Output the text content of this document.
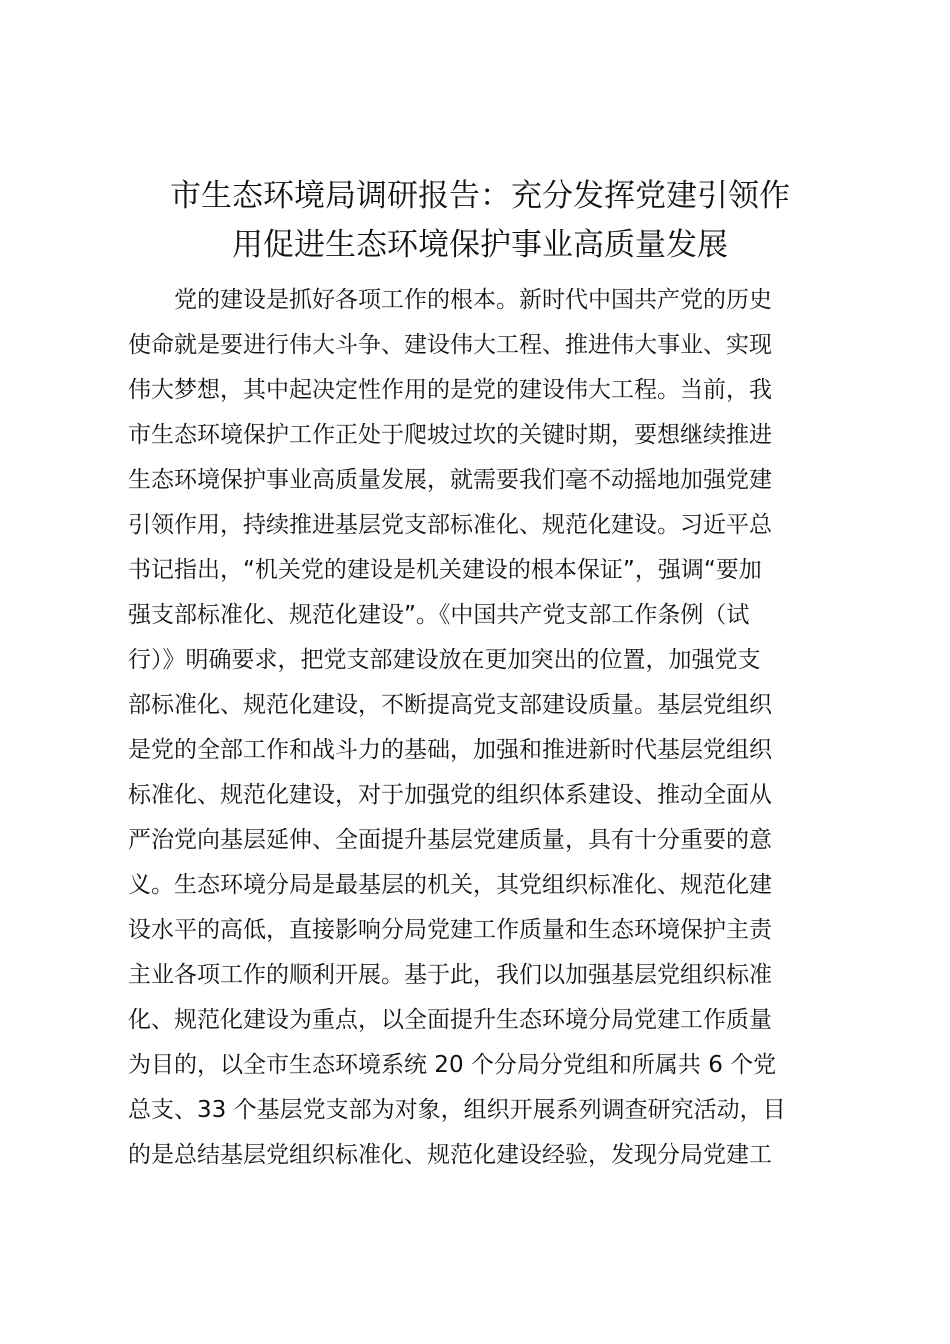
市生态环境局调研报告：充分发挥党建引领作
用促进生态环境保护事业高质量发展
党的建设是抓好各项工作的根本。新时代中国共产党的历史
使命就是要进行伟大斗争、建设伟大工程、推进伟大事业、实现
伟大梦想，其中起决定性作用的是党的建设伟大工程。当前，我
市生态环境保护工作正处于爬坡过坎的关键时期，要想继续推进
生态环境保护事业高质量发展，就需要我们毫不动摇地加强党建
引领作用，持续推进基层党支部标准化、规范化建设。习近平总
书记指出，“机关党的建设是机关建设的根本保证”，强调“要加
强支部标准化、规范化建设”。《中国共产党支部工作条例（试
行）》明确要求，把党支部建设放在更加突出的位置，加强党支
部标准化、规范化建设，不断提高党支部建设质量。基层党组织
是党的全部工作和战斗力的基础，加强和推进新时代基层党组织
标准化、规范化建设，对于加强党的组织体系建设、推动全面从
严治党向基层延伸、全面提升基层党建质量，具有十分重要的意
义。生态环境分局是最基层的机关，其党组织标准化、规范化建
设水平的高低，直接影响分局党建工作质量和生态环境保护主责
主业各项工作的顺利开展。基于此，我们以加强基层党组织标准
化、规范化建设为重点，以全面提升生态环境分局党建工作质量
为目的，以全市生态环境系统 20 个分局分党组和所属共 6 个党
总支、33 个基层党支部为对象，组织开展系列调查研究活动，目
的是总结基层党组织标准化、规范化建设经验，发现分局党建工
